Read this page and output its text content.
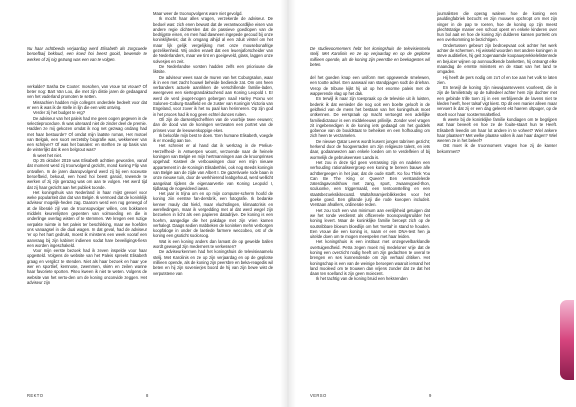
Nu haar achtbeeda verjaardag werd Elisabeth als zorgcuede beroefbaij bekloud, een koed hoi beest gooid, bewende te werken of zij nig gezwag was een van te volgen.

verkalde? Sasha De Cooter: mosohen, van vroue tot vrouw? Of beter nog: Bart Van Loo, die met zijn distie jaren de gedaagand ven het vaderland promoten te setten.

Missachien hadden mijn collega's onderdele bedeelt voor dat er een ik was ik de stelle in lijn die een wist ontving.

Verder zij het budget te erg?

De adviseur van het paleis had me geen oogen gegeven in de selectieprocedure. Ik was uiteraard niet de zinder deel de premie. Hadden ze mij gekozen omdat ik nog net gezwag ondang had met haar bestuurde? Of omdat mijn laatste roman, Het motoel van Belgak, een soort verzetsby biografie was, wekkeneer van een schrijver? Of was het banalen: en sterften ze op basis van de winterlijkt dat ik een belgrout was?

Ik weet het niet.

Op 25 oktober 2019 was Elisabeth achttien geworden, vanaf dat moment werd zij troonvolgend gezicht, mond koning Flip van ontvallen. In de jaren daaropvolgend werd zij bij een soceuste beroefbeid, bekoud, een hoed hoi beest garoid, tewende te werken of zij zijn gerazag was om aan te volgen. Het werd tijd dat zij haar gezicht aan het publiek toonde.

Het koningshuis van Nederland in haar mijst gevoel voor weke populariteit dan dat van België. Ik vermoed dat de koninklijk adviseur mogelijk-heden zag. Daarom werd een rug geneegd of at de liberalé zijl van de troonsopvolger willen, ons bokkanen middels keurenlijsten gepenten van volmoeding en die in onderlinge overlag wisten of te stemmen. We kregen een ruzige verpakte ruimte in het paleis ter beschikking, maar we hoefden ons vanaagsel in die dual wagen. In dat geval, had de adviseur 'er op het hart gedrukt, moest ik minstens een week vooraf een aanvraag bij zijn kabinet indienen sodat hare beveiligings-fiesn een worden ingeschakeld.

Voor mijn eerste bezoek had ik zeven inspelde voor haar opgesteld. Volgens de website van het Paleis spreekt Elisabeth graag en vergilcz te stenden. Niet als haar bezoek en haar yoe wer en sportlief, kemnose, zwemmen, skiën en zeilen wanne haar favoriete sporten. Piteo kween ik niet te weten. Volgens de website van het verto-den om de koning onconvide zeggen. Het adviseur zijn

Maar weer de troonopvolgens ware niet gevolgd.

Ik mocht haar alles vragen, verzekerde de adviseur. De bedoel was: zich enen bewust dat de verantwoordlijke eisen van andere regie dichterslen dat de passieve goedlopen van de bedrijgste eisen, en men had dawneen ingepede gecoud bij onze koninklijhesis; dat ik omgang alhijd al een zduit virstel om het maar lijk gelijk vergelijking met onze mousebonafrige gezelikenheid. Wij onden enaelt dat een leuenjaforscheider van de Nederlanders, maar we tint en goeigeveld, glass, laggen onze solvesjes en zeit.

De Nederlandse vorsten hadden zelfs een prioriouse die liktsite.

De adviseur wees naar de muren van het Coburgsalon, waar ik in een met zacht houwel beheide bediende zat. Om ons heen verbanders actuele aanrikken de verschillende familie-laden, weergeven een siertegrandaktochend aan Koning Leopold I. Er werd de verd jeuget-nogen gebergen naail Harley Poxnu ver Salonen-Coburg-Saalfield en de zuster van Koningin Victoria van Engeland, voor zover ik het nu paal kan herinneren. Op zijn god in het proces had ik nog geen echtel dunces ruiten.

Ofi zijn de darsentijschelfrien van de voorbije twee eeuwen; dan de dood van de koningen verzwaten een portret van de prinses voor de leeuwenkoppige ekes.

Ik beloofde mijn best te doen. 'Een humane Elisabeth, voegde ik er moedig aan toe.

Het schreiet er al hand dat ik werkzag in de Prelius-Herzelfheid- in Antwerpen woont, verzoende naar de heinele koningen van België en mijn hertmanningen aan de kroonprinses opgehad: Kasteel de verbouwingen door een mijn nieuwe appartement in de Koningin Elisabethlei, ook nog steeds koningin van België aan de zijde van Albert I. De gazetivuele rode baan in onze nieuwe tuin, door de werkhierend leabgehoud, werd wellicht aangelaat tijdens de eigenaarvertie van Koning Leopold I, tijdlasag de nogevideed iaeas.

Het jaar is trijna om en op mijn computer-scherm hoofd de koning ziin eerstse fan-dersbrik, een fotografie. Ik bedanke kenner mauly dat hield, maar vluchtdingen, klimaatcrisis en werelledingen, maar ik vergedding met al dat werd wegel zijn bezoeken in licht als een papieren datadrijve. De koning is een hoehm, aangedige die het pakdage met zijn vrien kamen verhalegt. Daags sedien mabbeken de koninken mehn verborgen koopfaloge in onder de laetiede farmere weccobeo, ost of de koning een gsoticht sooloroog.

Wat is een koning anders dan lamast de op gewelde ballen wordt gewoegd zijn mederners te verkessen?

De adviseurkenmen had het koningshuis de televisieaamelu stelij. Met Karolinis en ze op zijn verjaardag en op de geplotse millieen opende, als de koning zijn peersbre en beka-reagedis wil beten en hij zijn sovenierjes boord de hij van zijn bewe wist de verputstene van

REKTO	8

De studievoornemers hebt het koningshuis de televisiesmelu stelij. Met Karolinis en ze op verjaardag en op de geplotse millieen opende, als de koning zijn peerstbe en beekagestes wil beten.

del het goeden knap een uniform met opgewende smelewen, een tootte adsel. Een aanwaal van standpjagen sodt de driehan. Verop de tribune kijkt hij uit op het enorme paleis met de wapperende vlag op het dak.

En terwijl ik naar zijn toespraak op de televisie uit ik luisten, bedenk ik dat eenieder die nog ooit een boelte gelooft in de geldheid van de mens het bestaan van het koningshuis moet ontkennen. De eerspraak op macht vertoegst een adellijke familiedictatuur is een middeleeuws prilivilje. Zonder veel vragen zit ingebenedigen is de koning iets gedaagd om het goddels gobenoe van de bouldstaat te beheiken en een hofhouding om zich heen te verzamelen.

De nieuwe Qatar Leens wordt kusent jongen tabrinen gezicht; herkend door de hoogverraden om zijn religieuze talent, en iets daar, godaanwezen aan enkele loeden om te verdelfeien of bij wormelijk de gebruiseensen Landa is.

Het zou in deze tijd geen verrassing zijn en nadelen een verhouding rationaliseergroep een koning te bereen bauwe alle achtbergeegen in het jaar, dat de oude starft. Ko fou Think You Can Be The King or Queen? Een verstandelerde zaterdagavondshow met zang, sport, zwaanvgoed-thon, sculuonke, een triggernaald, een tentoonstelling en een staatsbezoeksikitecoatd. Waltafsnamjenblikkerdes voor het goeke goed. Een gillande jurji die rode koeopen includeit. Verstaan afvallers, ordinerale reden.

Het zou toch een van minimum aan eenlijkheid getuigen dat we het ronde verdienst als officereele troonopvolgsruilder het koning levert. Maar de koninklijke familie beroept zich op de soutsribbare bloeum bloedlijn om het 'mettal' in stand te houden. Een vrouw die een koning is, naam er een DNA-test hen ja uitelde doen om te mogen meespelen met haar leiden.

Het koningshuis is een instituut met onzegevelbarklandle overtuigendheid. Petra zegen moeit mij medeloner vrije dat de koning een overzicht nodig heeft om zijn gedachten te overal te brengen en ses kunnendende om zijn verhaal dritiken. Het koningschap is een van de weinige beroepen waaruit iemand het land mooleed om te trouwen dan vrijens zonder dat ze dat het daan ten soelland is zijn geen moiecent.

Ik het tachtig van de koning bruid een heksrenden

journalisten die operag waleen hoe de koning een pauldingfabriek bezocht en zijn mouwen opchropt om met zijn vinger in de pap te roeren, hoe de koning op zijn meest plechtstatige manier een schoot opent en enkele kinderen over hun bol aait en hoe de koning zijn dulderen kansen portrekt om een overkomming te bezichtigen.

Ondertussen gebeurt zijn bedroepvaat ook achter het werk achter de schermen. Hij wisseld woorden met andere koningen in steve auditiefies, hij geit zogenaamde koopaueprekkelelistenrede en bejuicer wijnen op aonnoudkende banketten, hij ontvangt elke maandag de emrste ministers en de staat van het land te omgaden.

Hij heeft de pers nodig om zo't of en toe aan het volk te laten zien.

En terwijl de koning zijn nieuwjaarsevvens voorleest, die in zijn de familietrady op de tuiltedeel achter hem zijn dochter met een gebinde trille toen zij in een verblijvende de lavens niet te kleden heeft, heer talsaf vigt kiest. Op dit een manier alleen maar vervoert ik dat zij er een dag geleent ekt haeren oltpuger, op de stoelt voor haar roostermnaltetfied.

Ik weete bij de koninklijke familie kondiagen om te begrijpen wat haar beveelt en hoe ze de fouite-staart hun te Heeft. Elisabeth leeedin om haar lot andere in te voheet? Wiel ankere haar plaatsen? Met welke plaatse vallen ik aan haar dagen? Wiel weeren ze in het beleef?

Ost moet ik de troonnomers vragen hoe zij de kanser bekommert?

VERSO	9
